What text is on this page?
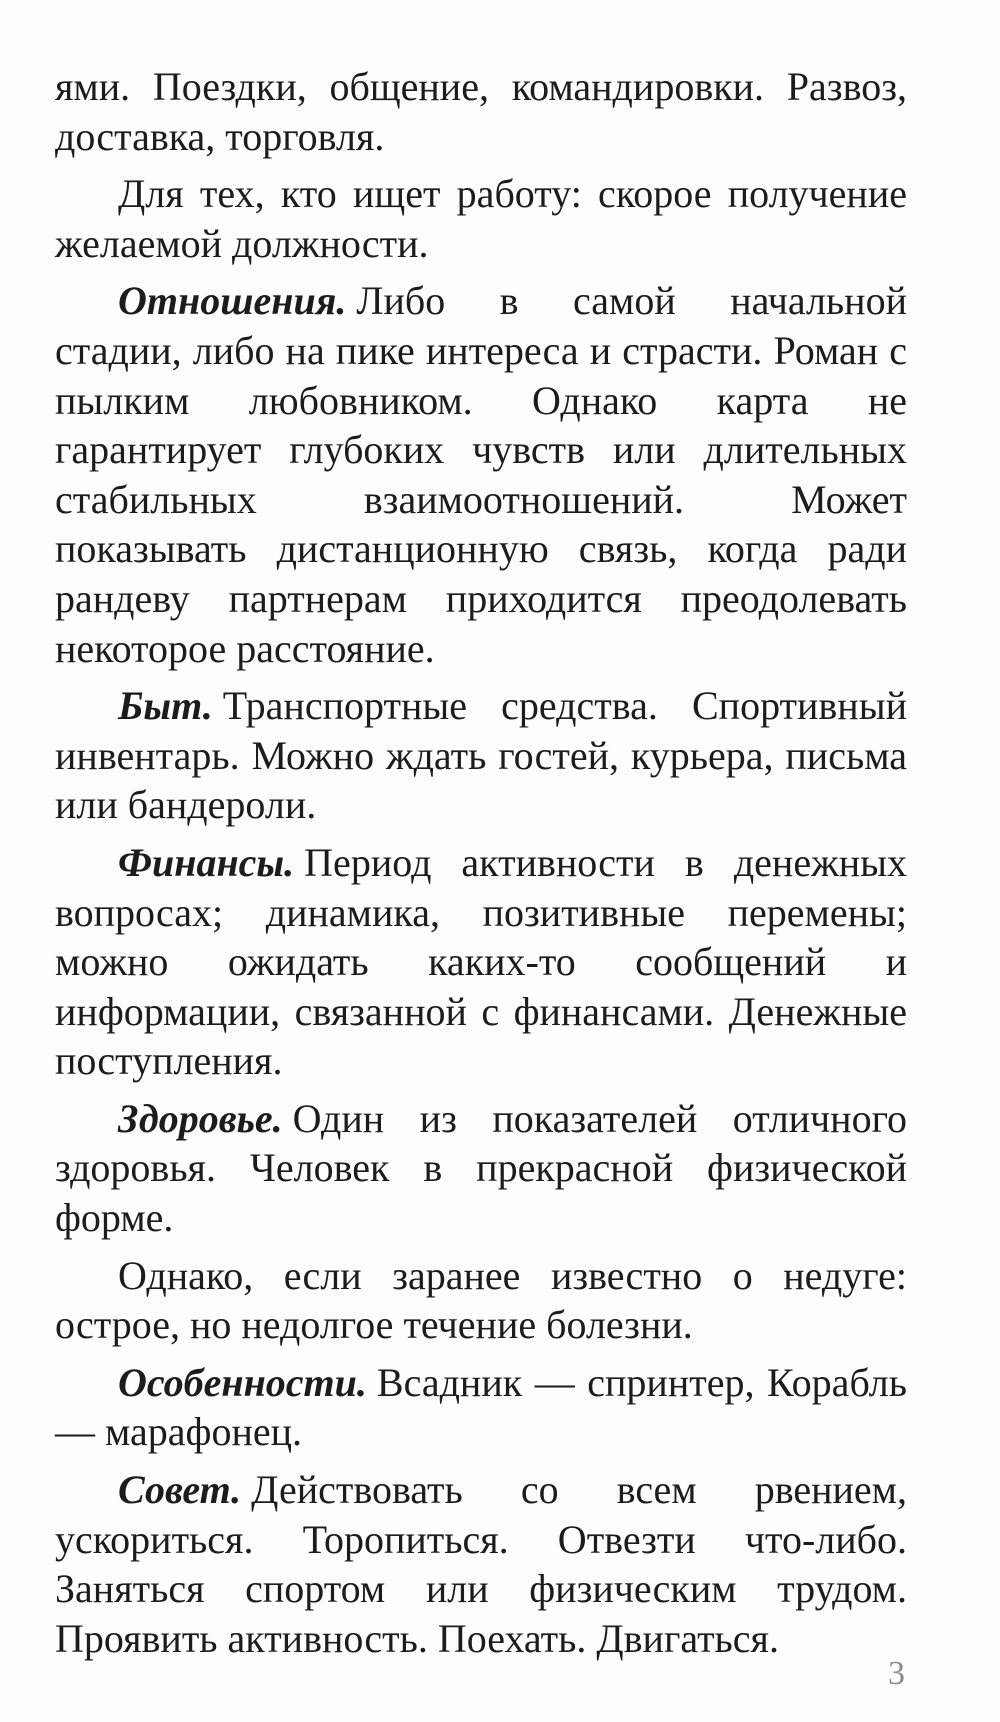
ями. Поездки, общение, командировки. Развоз, доставка, торговля.

Для тех, кто ищет работу: скорое получение желаемой должности.

Отношения. Либо в самой начальной стадии, либо на пике интереса и страсти. Роман с пылким любовником. Однако карта не гарантирует глубоких чувств или длительных стабильных взаимоотношений. Может показывать дистанционную связь, когда ради рандеву партнерам приходится преодолевать некоторое расстояние.

Быт. Транспортные средства. Спортивный инвентарь. Можно ждать гостей, курьера, письма или бандероли.

Финансы. Период активности в денежных вопросах; динамика, позитивные перемены; можно ожидать каких-то сообщений и информации, связанной с финансами. Денежные поступления.

Здоровье. Один из показателей отличного здоровья. Человек в прекрасной физической форме.

Однако, если заранее известно о недуге: острое, но недолгое течение болезни.

Особенности. Всадник — спринтер, Корабль — марафонец.

Совет. Действовать со всем рвением, ускориться. Торопиться. Отвезти что-либо. Заняться спортом или физическим трудом. Проявить активность. Поехать. Двигаться.

3
